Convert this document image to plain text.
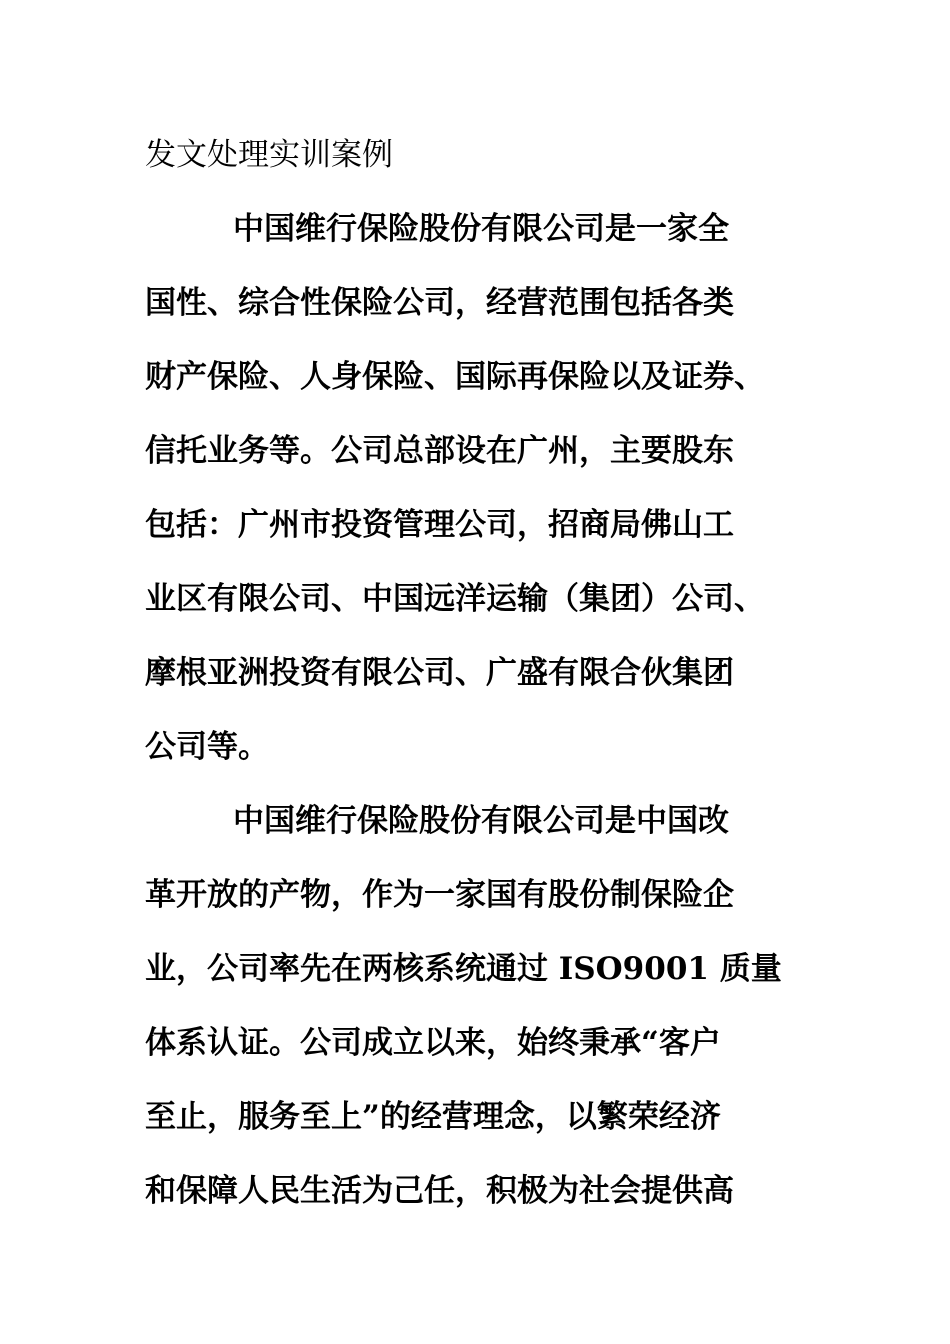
发文处理实训案例
中国维行保险股份有限公司是一家全
国性、综合性保险公司，经营范围包括各类
财产保险、人身保险、国际再保险以及证券、
信托业务等。公司总部设在广州，主要股东
包括：广州市投资管理公司，招商局佛山工
业区有限公司、中国远洋运输（集团）公司、
摩根亚洲投资有限公司、广盛有限合伙集团
公司等。
中国维行保险股份有限公司是中国改
革开放的产物，作为一家国有股份制保险企
业，公司率先在两核系统通过 ISO9001 质量
体系认证。公司成立以来，始终秉承“客户
至止，服务至上”的经营理念，以繁荣经济
和保障人民生活为己任，积极为社会提供高
